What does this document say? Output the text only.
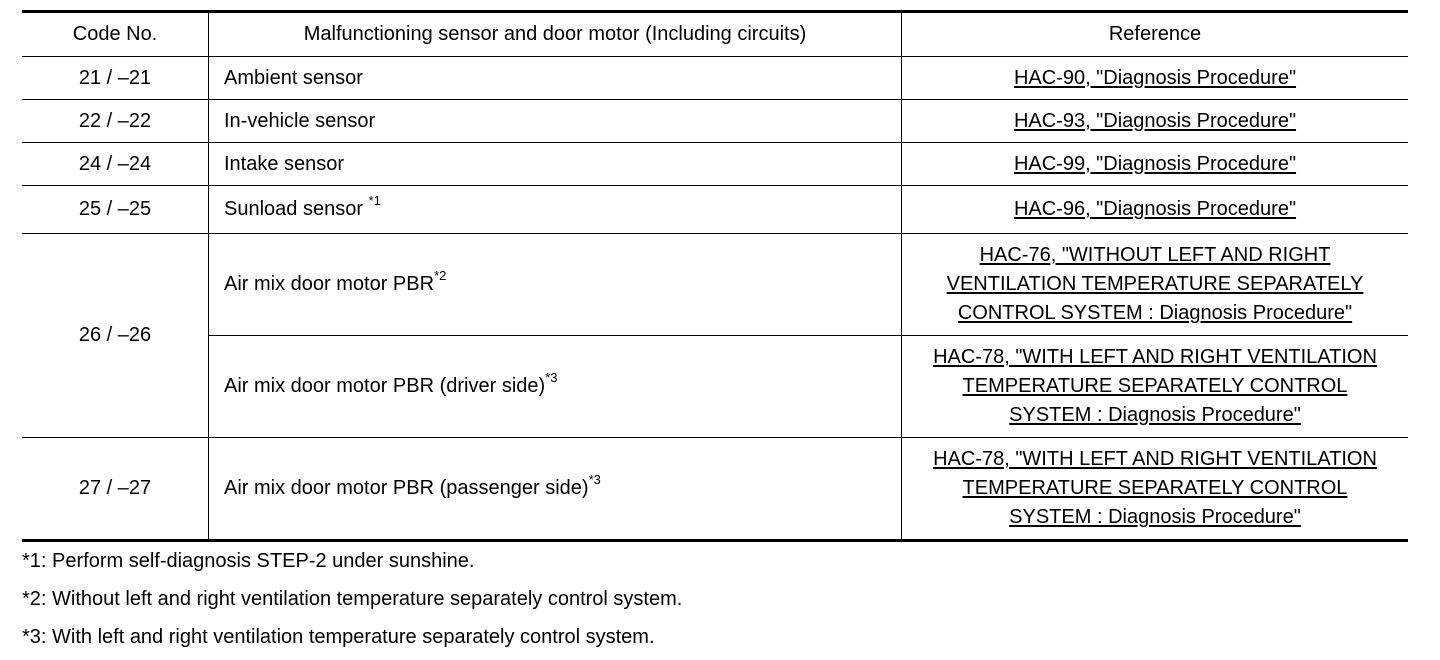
Code No.	Malfunctioning sensor and door motor (Including circuits)	Reference
21 / –21	Ambient sensor	HAC-90, "Diagnosis Procedure"
22 / –22	In-vehicle sensor	HAC-93, "Diagnosis Procedure"
24 / –24	Intake sensor	HAC-99, "Diagnosis Procedure"
25 / –25	Sunload sensor $^{*1}$	HAC-96, "Diagnosis Procedure"
26 / –26	Air mix door motor PBR$^{*2}$	HAC-76, "WITHOUT LEFT AND RIGHT VENTILATION TEMPERATURE SEPARATELY CONTROL SYSTEM : Diagnosis Procedure"
	Air mix door motor PBR (driver side)$^{*3}$	HAC-78, "WITH LEFT AND RIGHT VENTILATION TEMPERATURE SEPARATELY CONTROL SYSTEM : Diagnosis Procedure"
27 / –27	Air mix door motor PBR (passenger side)$^{*3}$	HAC-78, "WITH LEFT AND RIGHT VENTILATION TEMPERATURE SEPARATELY CONTROL SYSTEM : Diagnosis Procedure"
*1: Perform self-diagnosis STEP-2 under sunshine.
*2: Without left and right ventilation temperature separately control system.
*3: With left and right ventilation temperature separately control system.
